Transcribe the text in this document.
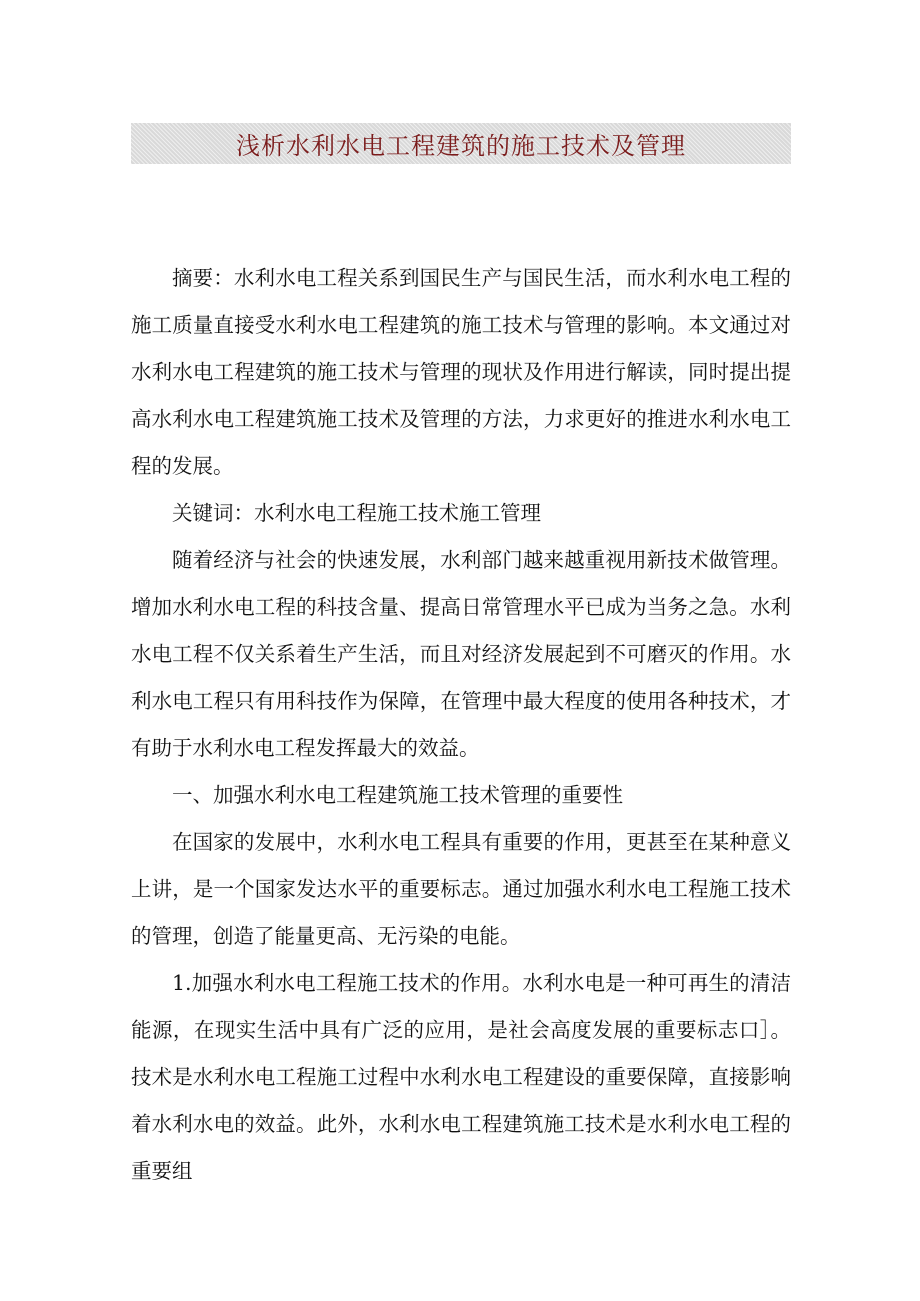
浅析水利水电工程建筑的施工技术及管理

摘要：水利水电工程关系到国民生产与国民生活，而水利水电工程的施工质量直接受水利水电工程建筑的施工技术与管理的影响。本文通过对水利水电工程建筑的施工技术与管理的现状及作用进行解读，同时提出提高水利水电工程建筑施工技术及管理的方法，力求更好的推进水利水电工程的发展。

关键词：水利水电工程施工技术施工管理

随着经济与社会的快速发展，水利部门越来越重视用新技术做管理。增加水利水电工程的科技含量、提高日常管理水平已成为当务之急。水利水电工程不仅关系着生产生活，而且对经济发展起到不可磨灭的作用。水利水电工程只有用科技作为保障，在管理中最大程度的使用各种技术，才有助于水利水电工程发挥最大的效益。

一、加强水利水电工程建筑施工技术管理的重要性

在国家的发展中，水利水电工程具有重要的作用，更甚至在某种意义上讲，是一个国家发达水平的重要标志。通过加强水利水电工程施工技术的管理，创造了能量更高、无污染的电能。

1.加强水利水电工程施工技术的作用。水利水电是一种可再生的清洁能源，在现实生活中具有广泛的应用，是社会高度发展的重要标志口］。技术是水利水电工程施工过程中水利水电工程建设的重要保障，直接影响着水利水电的效益。此外，水利水电工程建筑施工技术是水利水电工程的重要组
